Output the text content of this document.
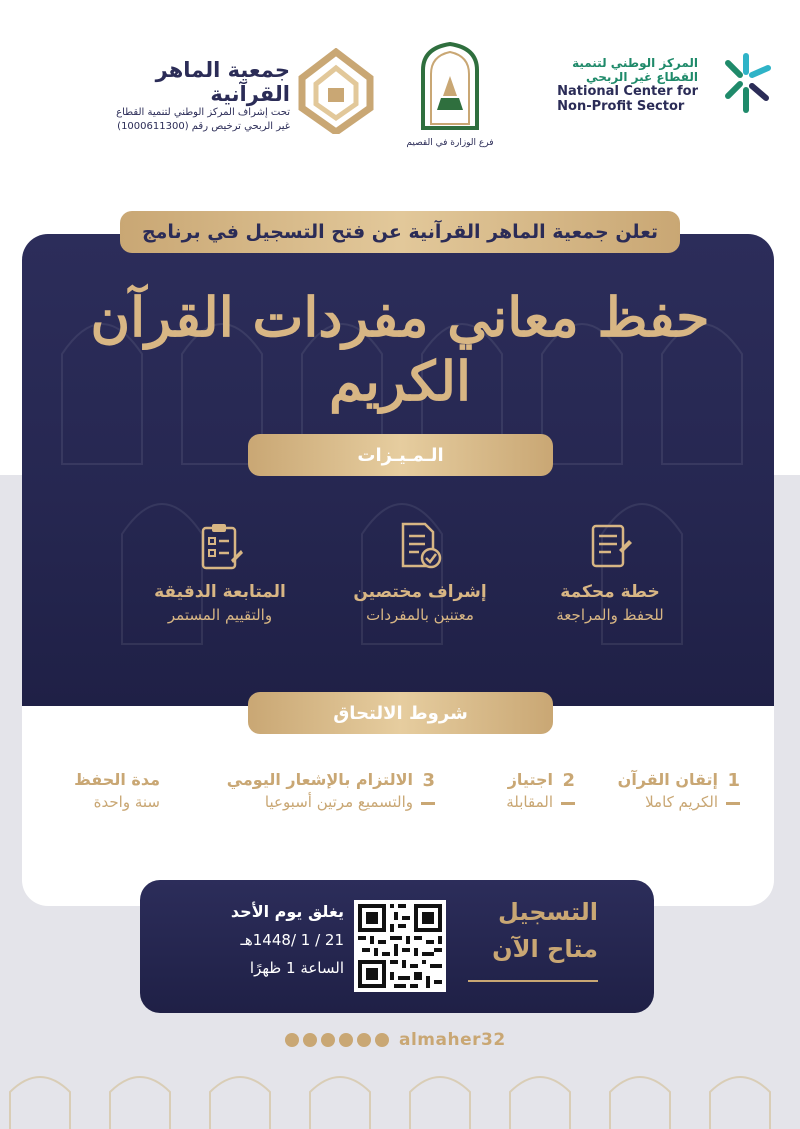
المركز الوطني لتنمية
القطاع غير الربحي
National Center for
Non-Profit Sector
فرع الوزارة في القصيم
جمعية الماهر القرآنية
تحت إشراف المركز الوطني لتنمية القطاع
غير الربحي ترخيص رقم (1000611300)
تعلن جمعية الماهر القرآنية عن فتح التسجيل في برنامج
حفظ معاني مفردات القرآن الكريم
الـمـيـزات
خطة محكمة
للحفظ والمراجعة
إشراف مختصين
معتنين بالمفردات
المتابعة الدقيقة
والتقييم المستمر
شروط الالتحاق
1
إتقان القرآن
الكريم كاملا
2
اجتياز
المقابلة
3
الالتزام بالإشعار اليومي
والتسميع مرتين أسبوعيا
مدة الحفظ
سنة واحدة
التسجيل
متاح الآن
يغلق يوم الأحد
21 / 1 /1448هـ
الساعة 1 ظهرًا
almaher32
